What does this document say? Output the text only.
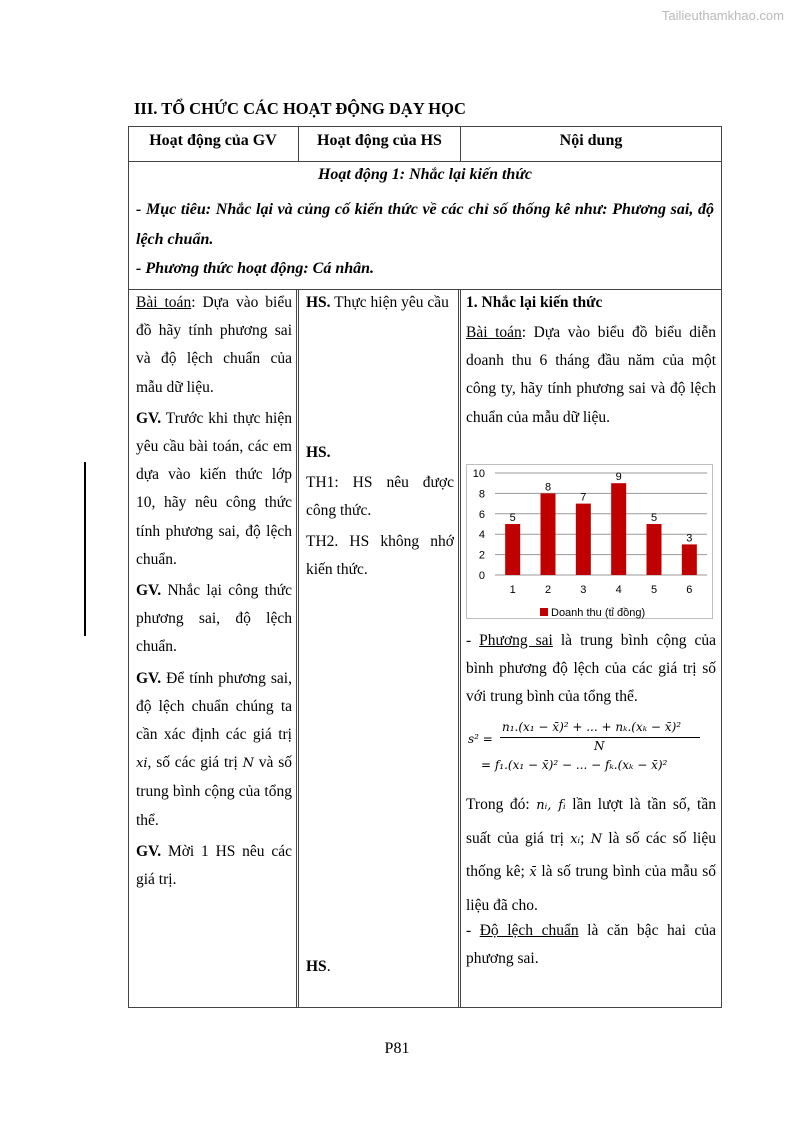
Tailieuthamkhao.com
III. TỔ CHỨC CÁC HOẠT ĐỘNG DẠY HỌC
Hoạt động của GV	Hoạt động của HS	Nội dung
Hoạt động 1: Nhắc lại kiến thức
- Mục tiêu: Nhắc lại và củng cố kiến thức về các chỉ số thống kê như: Phương sai, độ lệch chuẩn.
- Phương thức hoạt động: Cá nhân.
Bài toán: Dựa vào biểu đồ hãy tính phương sai và độ lệch chuẩn của mẫu dữ liệu.
GV. Trước khi thực hiện yêu cầu bài toán, các em dựa vào kiến thức lớp 10, hãy nêu công thức tính phương sai, độ lệch chuẩn.
GV. Nhắc lại công thức phương sai, độ lệch chuẩn.
GV. Để tính phương sai, độ lệch chuẩn chúng ta cần xác định các giá trị xi, số các giá trị N và số trung bình cộng của tổng thể.
GV. Mời 1 HS nêu các giá trị.
HS. Thực hiện yêu cầu
HS.
TH1: HS nêu được công thức.
TH2. HS không nhớ kiến thức.
HS.
1. Nhắc lại kiến thức
Bài toán: Dựa vào biểu đồ biểu diễn doanh thu 6 tháng đầu năm của một công ty, hãy tính phương sai và độ lệch chuẩn của mẫu dữ liệu.
0
2
4
6
8
10
5
1
8
2
7
3
9
4
5
5
3
6
Doanh thu (tỉ đồng)
- Phương sai là trung bình cộng của bình phương độ lệch của các giá trị số với trung bình của tổng thể.
s² =
n₁.(x₁ − x̄)² + ... + nₖ.(xₖ − x̄)²
N
= f₁.(x₁ − x̄)² − ... − fₖ.(xₖ − x̄)²
Trong đó: nᵢ, fᵢ lần lượt là tần số, tần suất của giá trị xᵢ; N là số các số liệu thống kê; x̄ là số trung bình của mẫu số liệu đã cho.
- Độ lệch chuẩn là căn bậc hai của phương sai.
P81
